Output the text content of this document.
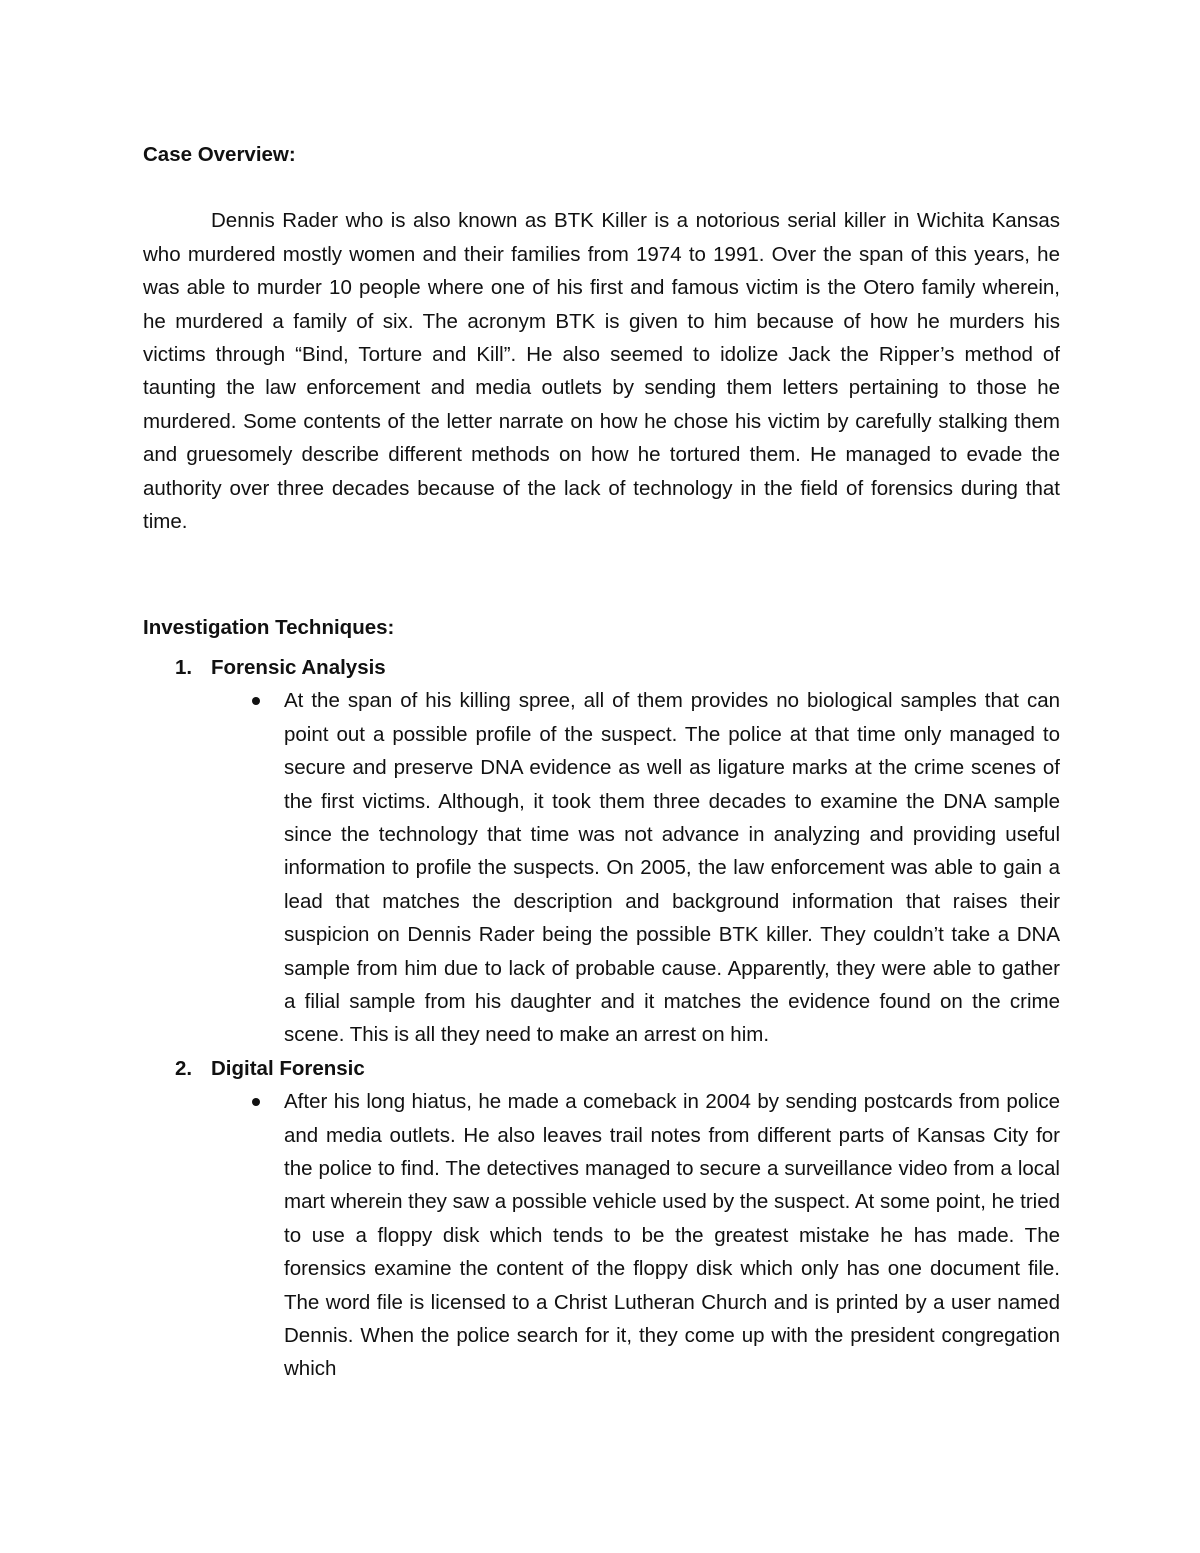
Case Overview:

Dennis Rader who is also known as BTK Killer is a notorious serial killer in Wichita Kansas who murdered mostly women and their families from 1974 to 1991. Over the span of this years, he was able to murder 10 people where one of his first and famous victim is the Otero family wherein, he murdered a family of six. The acronym BTK is given to him because of how he murders his victims through “Bind, Torture and Kill”. He also seemed to idolize Jack the Ripper’s method of taunting the law enforcement and media outlets by sending them letters pertaining to those he murdered. Some contents of the letter narrate on how he chose his victim by carefully stalking them and gruesomely describe different methods on how he tortured them. He managed to evade the authority over three decades because of the lack of technology in the field of forensics during that time.

Investigation Techniques:

1. Forensic Analysis
At the span of his killing spree, all of them provides no biological samples that can point out a possible profile of the suspect. The police at that time only managed to secure and preserve DNA evidence as well as ligature marks at the crime scenes of the first victims. Although, it took them three decades to examine the DNA sample since the technology that time was not advance in analyzing and providing useful information to profile the suspects. On 2005, the law enforcement was able to gain a lead that matches the description and background information that raises their suspicion on Dennis Rader being the possible BTK killer. They couldn’t take a DNA sample from him due to lack of probable cause. Apparently, they were able to gather a filial sample from his daughter and it matches the evidence found on the crime scene. This is all they need to make an arrest on him.
2. Digital Forensic
After his long hiatus, he made a comeback in 2004 by sending postcards from police and media outlets. He also leaves trail notes from different parts of Kansas City for the police to find. The detectives managed to secure a surveillance video from a local mart wherein they saw a possible vehicle used by the suspect. At some point, he tried to use a floppy disk which tends to be the greatest mistake he has made. The forensics examine the content of the floppy disk which only has one document file. The word file is licensed to a Christ Lutheran Church and is printed by a user named Dennis. When the police search for it, they come up with the president congregation which
